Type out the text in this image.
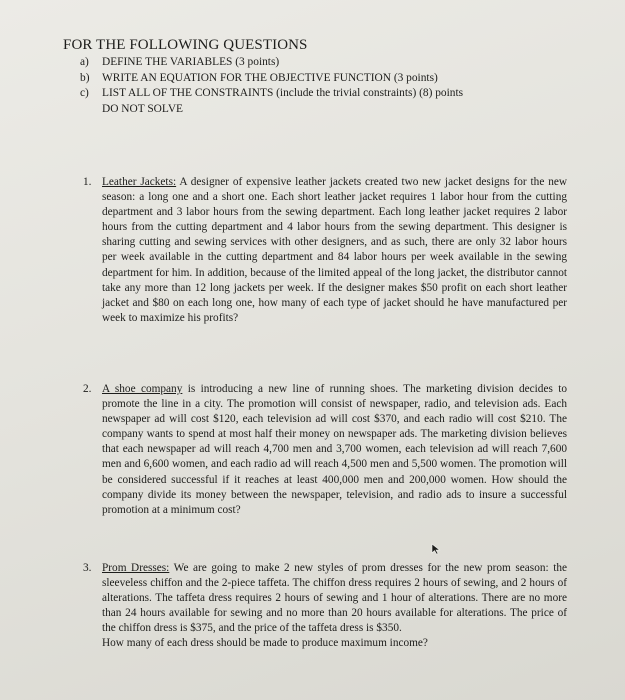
FOR THE FOLLOWING QUESTIONS
a)	DEFINE THE VARIABLES (3 points)
b)	WRITE AN EQUATION FOR THE OBJECTIVE FUNCTION (3 points)
c)	LIST ALL OF THE CONSTRAINTS (include the trivial constraints) (8) points
DO NOT SOLVE
1. Leather Jackets: A designer of expensive leather jackets created two new jacket designs for the new season: a long one and a short one. Each short leather jacket requires 1 labor hour from the cutting department and 3 labor hours from the sewing department. Each long leather jacket requires 2 labor hours from the cutting department and 4 labor hours from the sewing department. This designer is sharing cutting and sewing services with other designers, and as such, there are only 32 labor hours per week available in the cutting department and 84 labor hours per week available in the sewing department for him. In addition, because of the limited appeal of the long jacket, the distributor cannot take any more than 12 long jackets per week. If the designer makes $50 profit on each short leather jacket and $80 on each long one, how many of each type of jacket should he have manufactured per week to maximize his profits?
2. A shoe company is introducing a new line of running shoes. The marketing division decides to promote the line in a city. The promotion will consist of newspaper, radio, and television ads. Each newspaper ad will cost $120, each television ad will cost $370, and each radio will cost $210. The company wants to spend at most half their money on newspaper ads. The marketing division believes that each newspaper ad will reach 4,700 men and 3,700 women, each television ad will reach 7,600 men and 6,600 women, and each radio ad will reach 4,500 men and 5,500 women. The promotion will be considered successful if it reaches at least 400,000 men and 200,000 women. How should the company divide its money between the newspaper, television, and radio ads to insure a successful promotion at a minimum cost?
3. Prom Dresses: We are going to make 2 new styles of prom dresses for the new prom season: the sleeveless chiffon and the 2-piece taffeta. The chiffon dress requires 2 hours of sewing, and 2 hours of alterations. The taffeta dress requires 2 hours of sewing and 1 hour of alterations. There are no more than 24 hours available for sewing and no more than 20 hours available for alterations. The price of the chiffon dress is $375, and the price of the taffeta dress is $350.
How many of each dress should be made to produce maximum income?
